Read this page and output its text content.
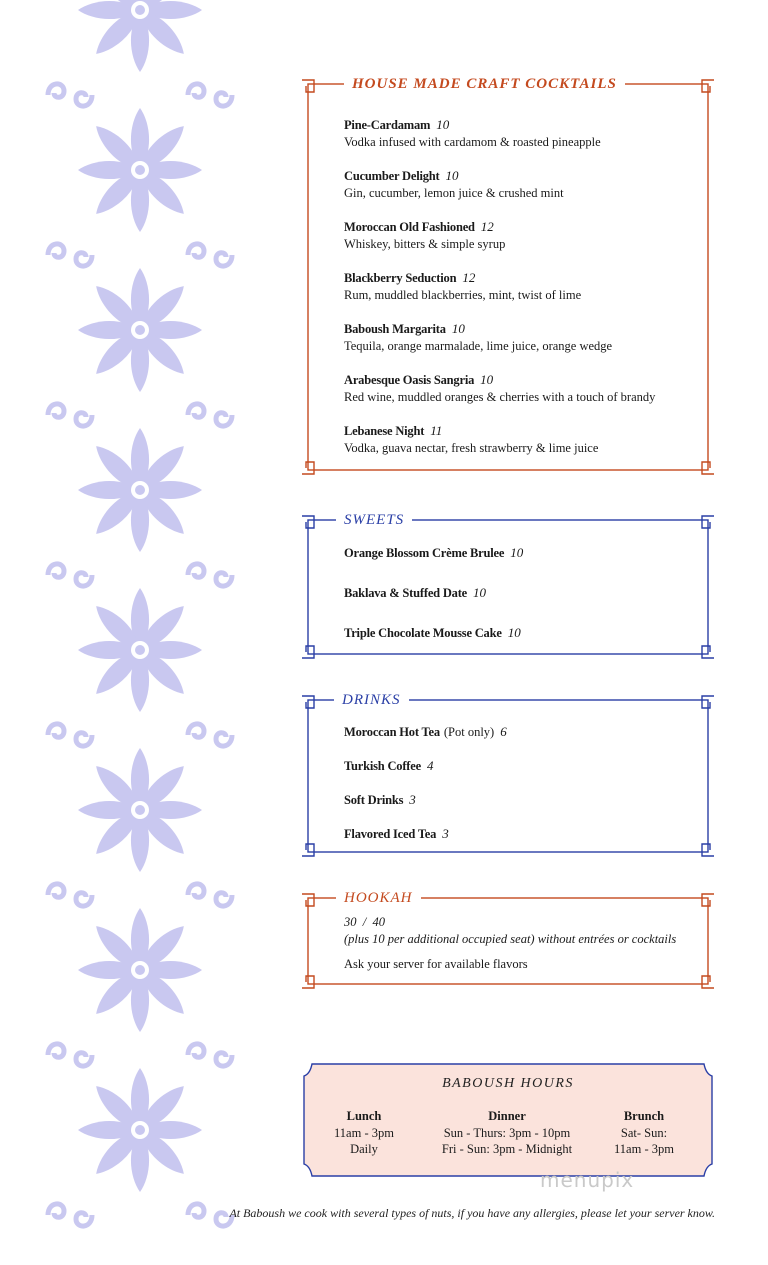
HOUSE MADE CRAFT COCKTAILS
Pine-Cardamam 10
Vodka infused with cardamom & roasted pineapple
Cucumber Delight 10
Gin, cucumber, lemon juice & crushed mint
Moroccan Old Fashioned 12
Whiskey, bitters & simple syrup
Blackberry Seduction 12
Rum, muddled blackberries, mint, twist of lime
Baboush Margarita 10
Tequila, orange marmalade, lime juice, orange wedge
Arabesque Oasis Sangria 10
Red wine, muddled oranges & cherries with a touch of brandy
Lebanese Night 11
Vodka, guava nectar, fresh strawberry & lime juice
SWEETS
Orange Blossom Crème Brulee 10
Baklava & Stuffed Date 10
Triple Chocolate Mousse Cake 10
DRINKS
Moroccan Hot Tea (Pot only) 6
Turkish Coffee 4
Soft Drinks 3
Flavored Iced Tea 3
HOOKAH
30  /  40
(plus 10 per additional occupied seat) without entrées or cocktails
Ask your server for available flavors
BABOUSH HOURS
Lunch
11am - 3pm
Daily
Dinner
Sun - Thurs: 3pm - 10pm
Fri - Sun: 3pm - Midnight
Brunch
Sat- Sun:
11am - 3pm
menupix
At Baboush we cook with several types of nuts, if you have any allergies, please let your server know.
